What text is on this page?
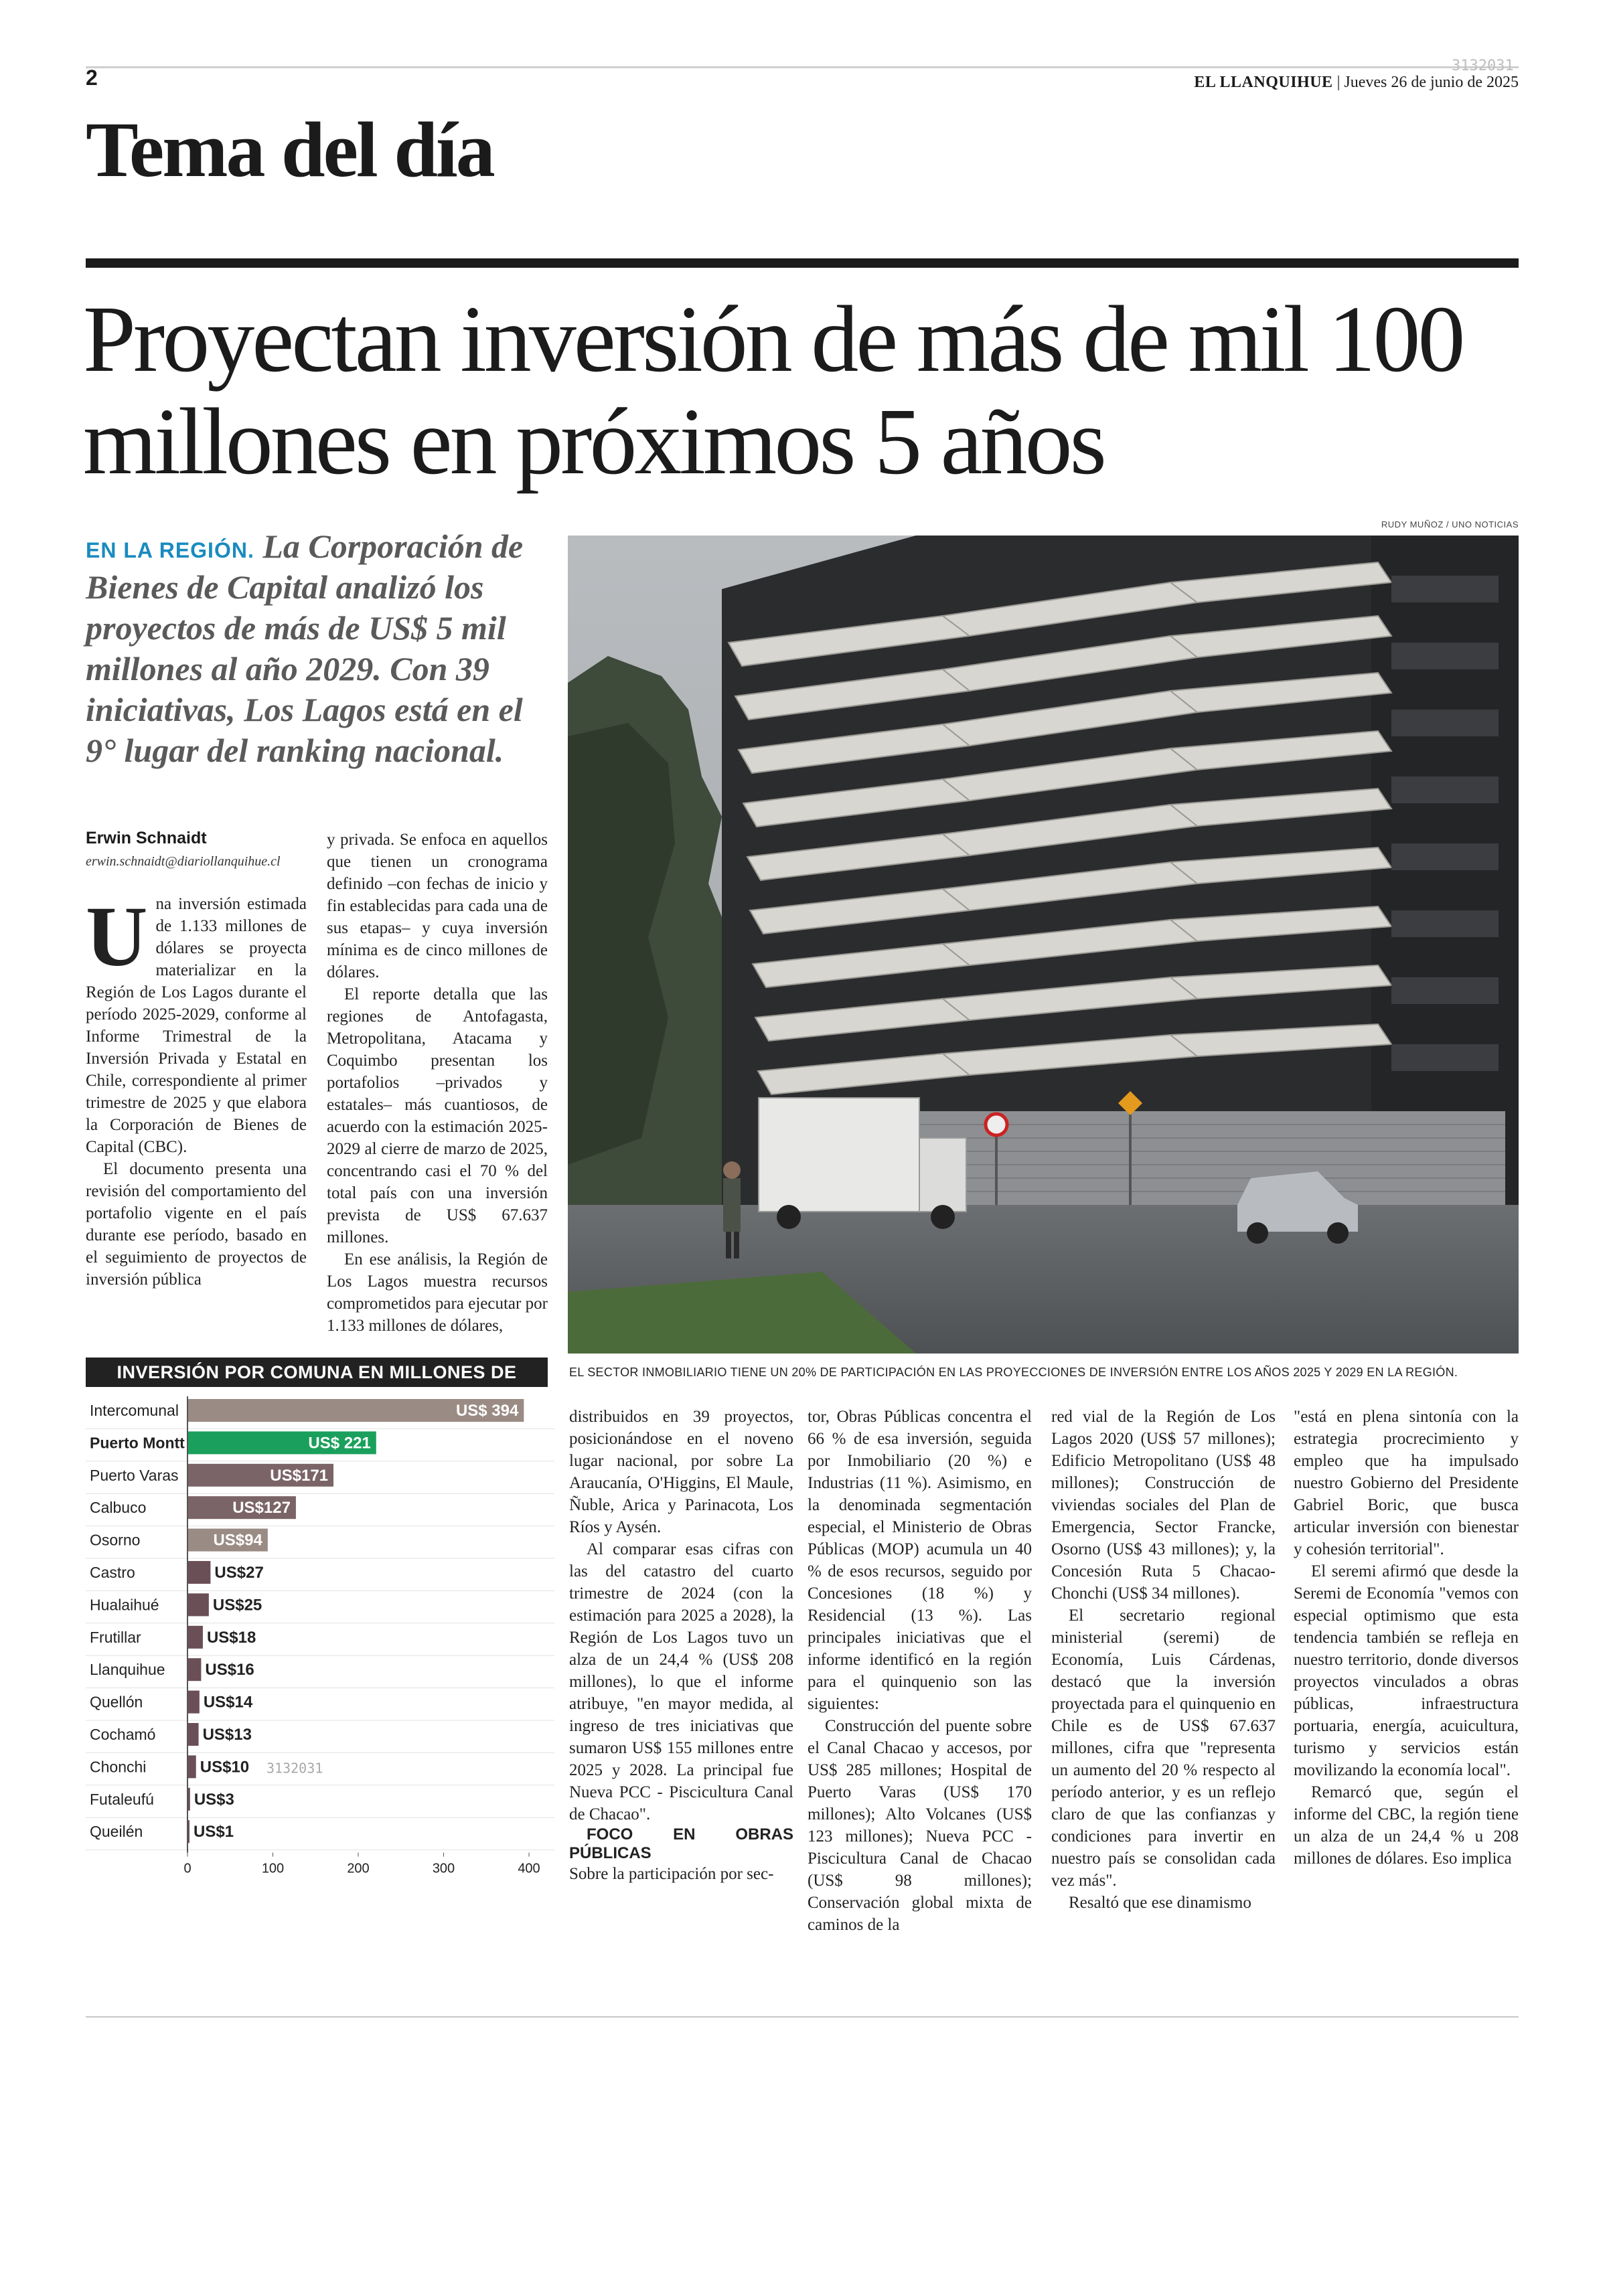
2	3132031
EL LLANQUIHUE | Jueves 26 de junio de 2025
Tema del día
Proyectan inversión de más de mil 100 millones en próximos 5 años
EN LA REGIÓN. La Corporación de Bienes de Capital analizó los proyectos de más de US$ 5 mil millones al año 2029. Con 39 iniciativas, Los Lagos está en el 9° lugar del ranking nacional.
RUDY MUÑOZ / UNO NOTICIAS
EL SECTOR INMOBILIARIO TIENE UN 20% DE PARTICIPACIÓN EN LAS PROYECCIONES DE INVERSIÓN ENTRE LOS AÑOS 2025 Y 2029 EN LA REGIÓN.
Erwin Schnaidt
erwin.schnaidt@diariollanquihue.cl

Una inversión estimada de 1.133 millones de dólares se proyecta materializar en la Región de Los Lagos durante el período 2025-2029, conforme al Informe Trimestral de la Inversión Privada y Estatal en Chile, correspondiente al primer trimestre de 2025 y que elabora la Corporación de Bienes de Capital (CBC).

El documento presenta una revisión del comportamiento del portafolio vigente en el país durante ese período, basado en el seguimiento de proyectos de inversión pública

y privada. Se enfoca en aquellos que tienen un cronograma definido –con fechas de inicio y fin establecidas para cada una de sus etapas– y cuya inversión mínima es de cinco millones de dólares.

El reporte detalla que las regiones de Antofagasta, Metropolitana, Atacama y Coquimbo presentan los portafolios –privados y estatales– más cuantiosos, de acuerdo con la estimación 2025-2029 al cierre de marzo de 2025, concentrando casi el 70 % del total país con una inversión prevista de US$ 67.637 millones.

En ese análisis, la Región de Los Lagos muestra recursos comprometidos para ejecutar por 1.133 millones de dólares,

distribuidos en 39 proyectos, posicionándose en el noveno lugar nacional, por sobre La Araucanía, O'Higgins, El Maule, Ñuble, Arica y Parinacota, Los Ríos y Aysén.

Al comparar esas cifras con las del catastro del cuarto trimestre de 2024 (con la estimación para 2025 a 2028), la Región de Los Lagos tuvo un alza de un 24,4 % (US$ 208 millones), lo que el informe atribuye, "en mayor medida, al ingreso de tres iniciativas que sumaron US$ 155 millones entre 2025 y 2028. La principal fue Nueva PCC - Piscicultura Canal de Chacao".

FOCO EN OBRAS PÚBLICAS

Sobre la participación por sec-

tor, Obras Públicas concentra el 66 % de esa inversión, seguida por Inmobiliario (20 %) e Industrias (11 %). Asimismo, en la denominada segmentación especial, el Ministerio de Obras Públicas (MOP) acumula un 40 % de esos recursos, seguido por Concesiones (18 %) y Residencial (13 %). Las principales iniciativas que el informe identificó en la región para el quinquenio son las siguientes:

Construcción del puente sobre el Canal Chacao y accesos, por US$ 285 millones; Hospital de Puerto Varas (US$ 170 millones); Alto Volcanes (US$ 123 millones); Nueva PCC - Piscicultura Canal de Chacao (US$ 98 millones); Conservación global mixta de caminos de la

red vial de la Región de Los Lagos 2020 (US$ 57 millones); Edificio Metropolitano (US$ 48 millones); Construcción de viviendas sociales del Plan de Emergencia, Sector Francke, Osorno (US$ 43 millones); y, la Concesión Ruta 5 Chacao-Chonchi (US$ 34 millones).

El secretario regional ministerial (seremi) de Economía, Luis Cárdenas, destacó que la inversión proyectada para el quinquenio en Chile es de US$ 67.637 millones, cifra que "representa un aumento del 20 % respecto al período anterior, y es un reflejo claro de que las confianzas y condiciones para invertir en nuestro país se consolidan cada vez más".

Resaltó que ese dinamismo

"está en plena sintonía con la estrategia procrecimiento y empleo que ha impulsado nuestro Gobierno del Presidente Gabriel Boric, que busca articular inversión con bienestar y cohesión territorial".

El seremi afirmó que desde la Seremi de Economía "vemos con especial optimismo que esta tendencia también se refleja en nuestro territorio, donde diversos proyectos vinculados a obras públicas, infraestructura portuaria, energía, acuicultura, turismo y servicios están movilizando la economía local".

Remarcó que, según el informe del CBC, la región tiene un alza de un 24,4 % u 208 millones de dólares. Eso implica

INVERSIÓN POR COMUNA EN MILLONES DE
Intercomunal	US$ 394
Puerto Montt	US$ 221
Puerto Varas	US$171
Calbuco	US$127
Osorno	US$94
Castro	US$27
Hualaihué	US$25
Frutillar	US$18
Llanquihue US$16
Quellón	US$14
Cochamó	US$13
Chonchi	US$10
Futaleufú US$3
Queilén	US$1
3132031
0	100	200	300	400
